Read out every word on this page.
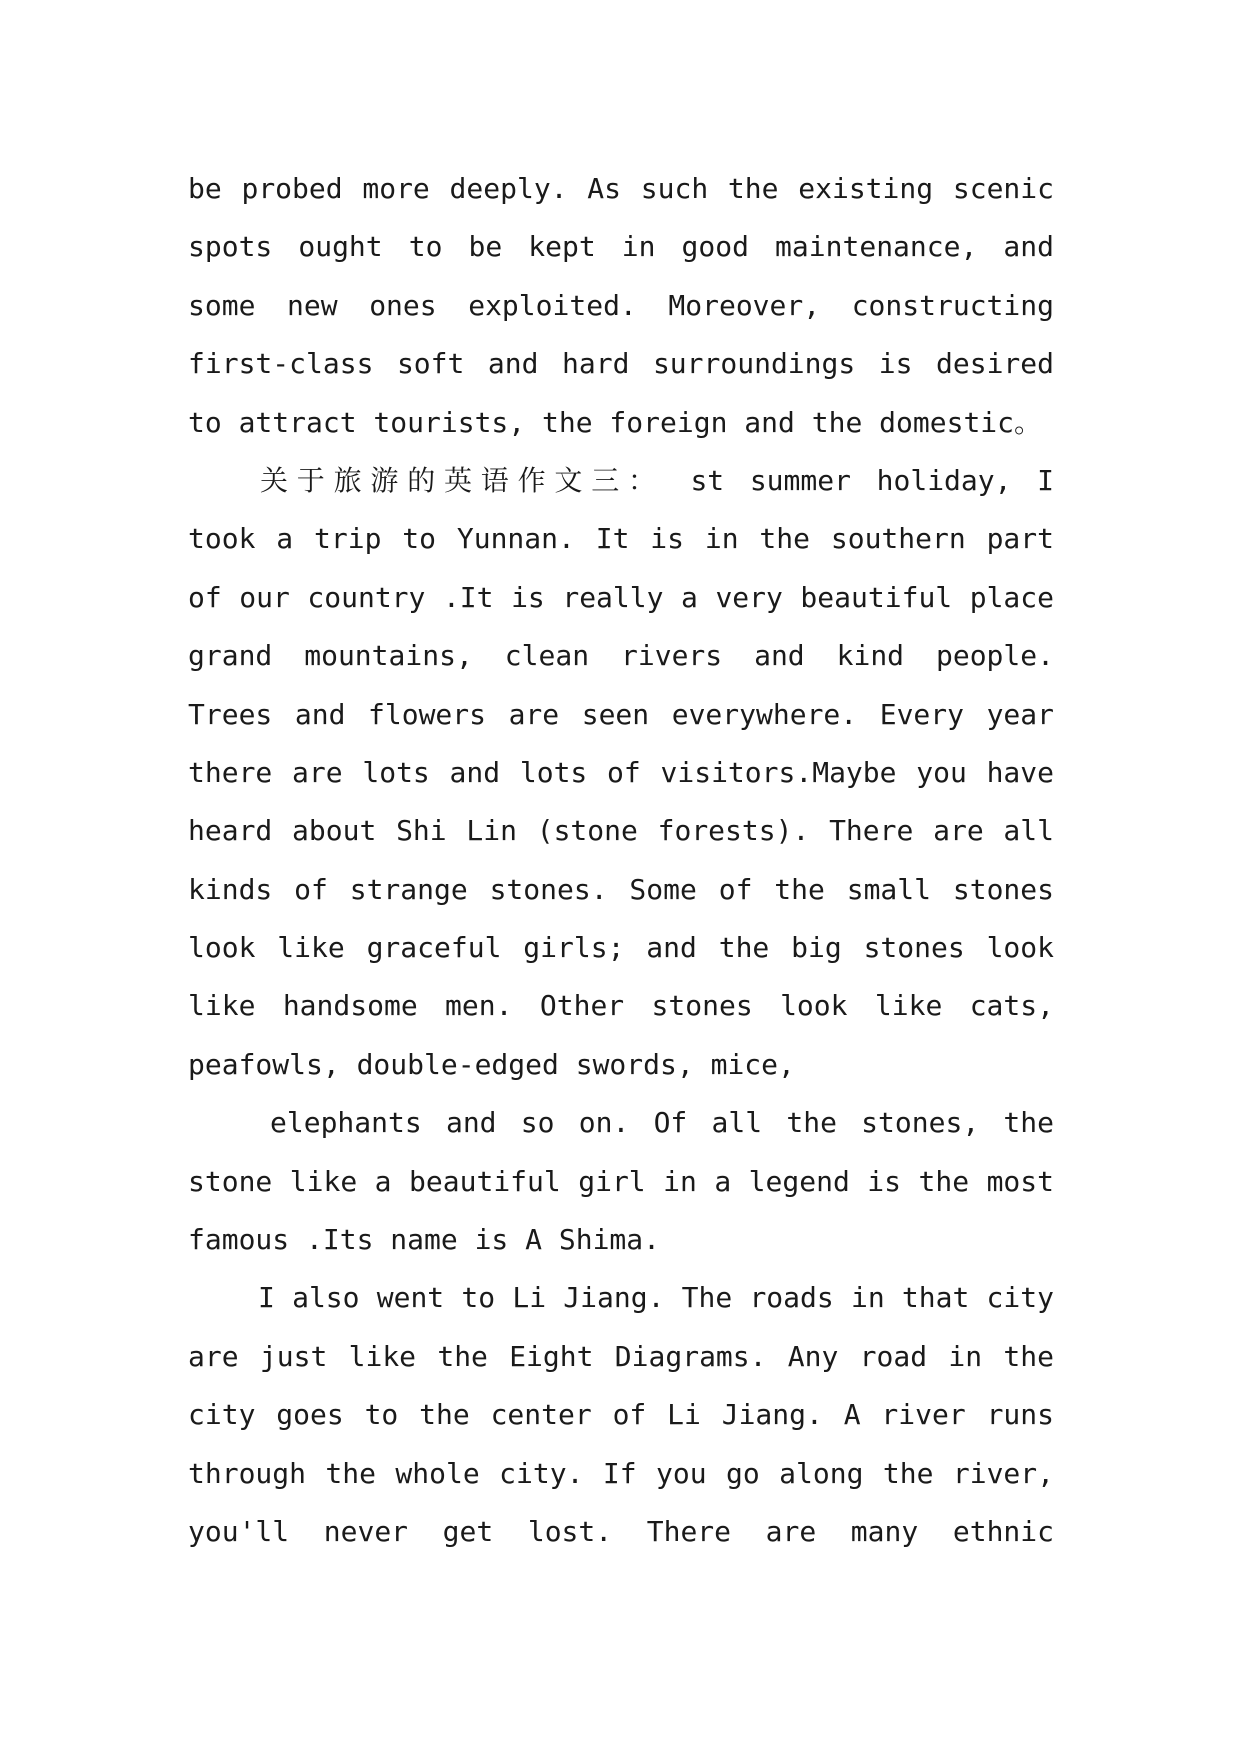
be probed more deeply. As such the existing scenic
spots ought to be kept in good maintenance, and
some new ones exploited. Moreover, constructing
first-class soft and hard surroundings is desired
to attract tourists, the foreign and the domestic。
关于旅游的英语作文三： st summer holiday, I
took a trip to Yunnan. It is in the southern part
of our country .It is really a very beautiful place
grand mountains, clean rivers and kind people.
Trees and flowers are seen everywhere. Every year
there are lots and lots of visitors.Maybe you have
heard about Shi Lin (stone forests). There are all
kinds of strange stones. Some of the small stones
look like graceful girls; and the big stones look
like handsome men. Other stones look like cats,
peafowls, double-edged swords, mice,
elephants and so on. Of all the stones, the
stone like a beautiful girl in a legend is the most
famous .Its name is A Shima.
I also went to Li Jiang. The roads in that city
are just like the Eight Diagrams. Any road in the
city goes to the center of Li Jiang. A river runs
through the whole city. If you go along the river,
you'll never get lost. There are many ethnic
